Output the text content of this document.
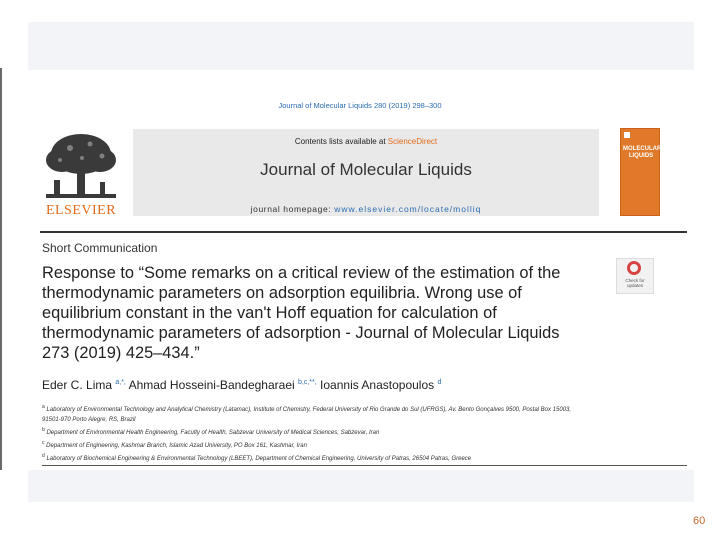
Journal of Molecular Liquids 280 (2019) 298–300
ELSEVIER
Contents lists available at ScienceDirect
Journal of Molecular Liquids
journal homepage: www.elsevier.com/locate/molliq
MOLECULAR LIQUIDS
Short Communication
Response to “Some remarks on a critical review of the estimation of the
thermodynamic parameters on adsorption equilibria. Wrong use of
equilibrium constant in the van't Hoff equation for calculation of
thermodynamic parameters of adsorption - Journal of Molecular Liquids
273 (2019) 425–434.”
Check for updates
Eder C. Lima $^{a,*,}$ Ahmad Hosseini-Bandegharaei $^{b,c,**,}$ Ioannis Anastopoulos $^d$
$^a$ Laboratory of Environmental Technology and Analytical Chemistry (Latamac), Institute of Chemistry, Federal University of Rio Grande do Sul (UFRGS), Av. Bento Gonçalves 9500, Postal Box 15003,
91501-970 Porto Alegre, RS, Brazil
$^b$ Department of Environmental Health Engineering, Faculty of Health, Sabzevar University of Medical Sciences, Sabzevar, Iran
$^c$ Department of Engineering, Kashmar Branch, Islamic Azad University, PO Box 161, Kashmar, Iran
$^d$ Laboratory of Biochemical Engineering & Environmental Technology (LBEET), Department of Chemical Engineering, University of Patras, 26504 Patras, Greece
60
